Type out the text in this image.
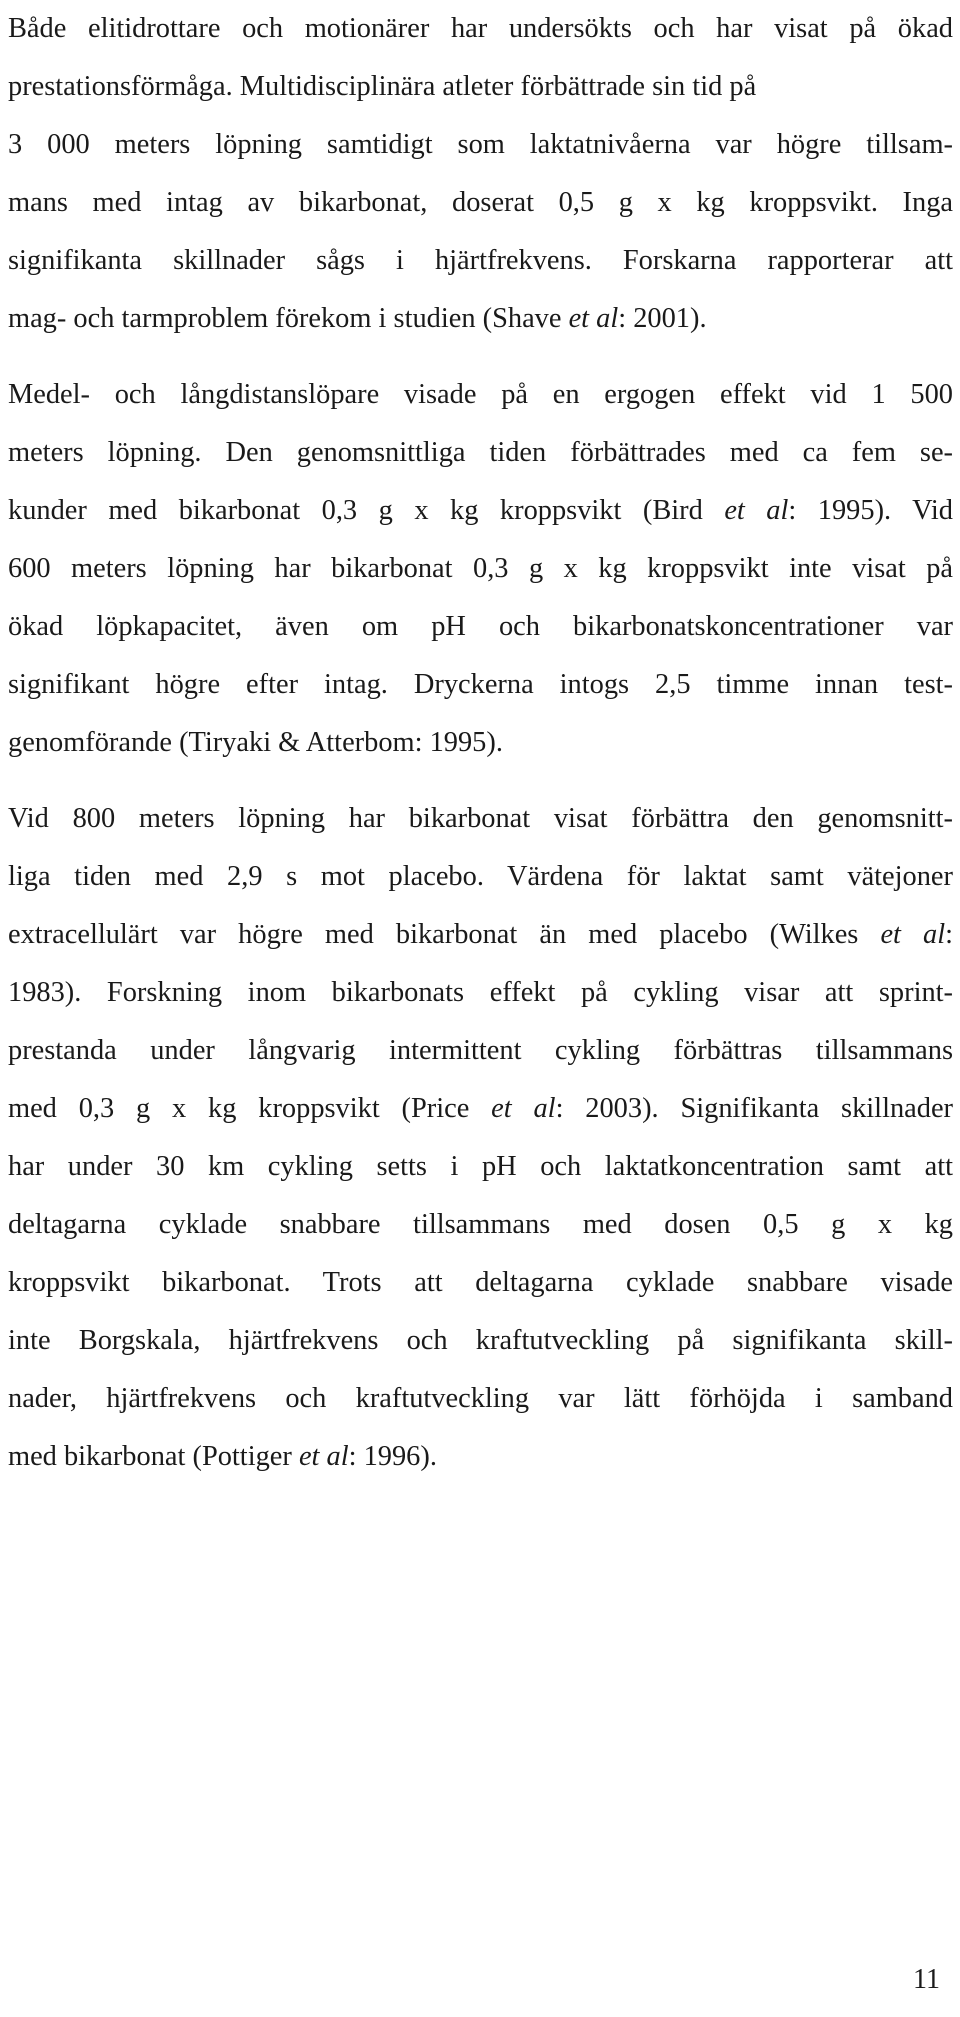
Både elitidrottare och motionärer har undersökts och har visat på ökad
prestationsförmåga. Multidisciplinära atleter förbättrade sin tid på
3 000 meters löpning samtidigt som laktatnivåerna var högre tillsam-
mans med intag av bikarbonat, doserat 0,5 g x kg kroppsvikt. Inga
signifikanta skillnader sågs i hjärtfrekvens. Forskarna rapporterar att
mag- och tarmproblem förekom i studien (Shave et al: 2001).

Medel- och långdistanslöpare visade på en ergogen effekt vid 1 500
meters löpning. Den genomsnittliga tiden förbättrades med ca fem se-
kunder med bikarbonat 0,3 g x kg kroppsvikt (Bird et al: 1995). Vid
600 meters löpning har bikarbonat 0,3 g x kg kroppsvikt inte visat på
ökad löpkapacitet, även om pH och bikarbonatskoncentrationer var
signifikant högre efter intag. Dryckerna intogs 2,5 timme innan test-
genomförande (Tiryaki & Atterbom: 1995).

Vid 800 meters löpning har bikarbonat visat förbättra den genomsnitt-
liga tiden med 2,9 s mot placebo. Värdena för laktat samt vätejoner
extracellulärt var högre med bikarbonat än med placebo (Wilkes et al:
1983). Forskning inom bikarbonats effekt på cykling visar att sprint-
prestanda under långvarig intermittent cykling förbättras tillsammans
med 0,3 g x kg kroppsvikt (Price et al: 2003). Signifikanta skillnader
har under 30 km cykling setts i pH och laktatkoncentration samt att
deltagarna cyklade snabbare tillsammans med dosen 0,5 g x kg
kroppsvikt bikarbonat. Trots att deltagarna cyklade snabbare visade
inte Borgskala, hjärtfrekvens och kraftutveckling på signifikanta skill-
nader, hjärtfrekvens och kraftutveckling var lätt förhöjda i samband
med bikarbonat (Pottiger et al: 1996).

11
